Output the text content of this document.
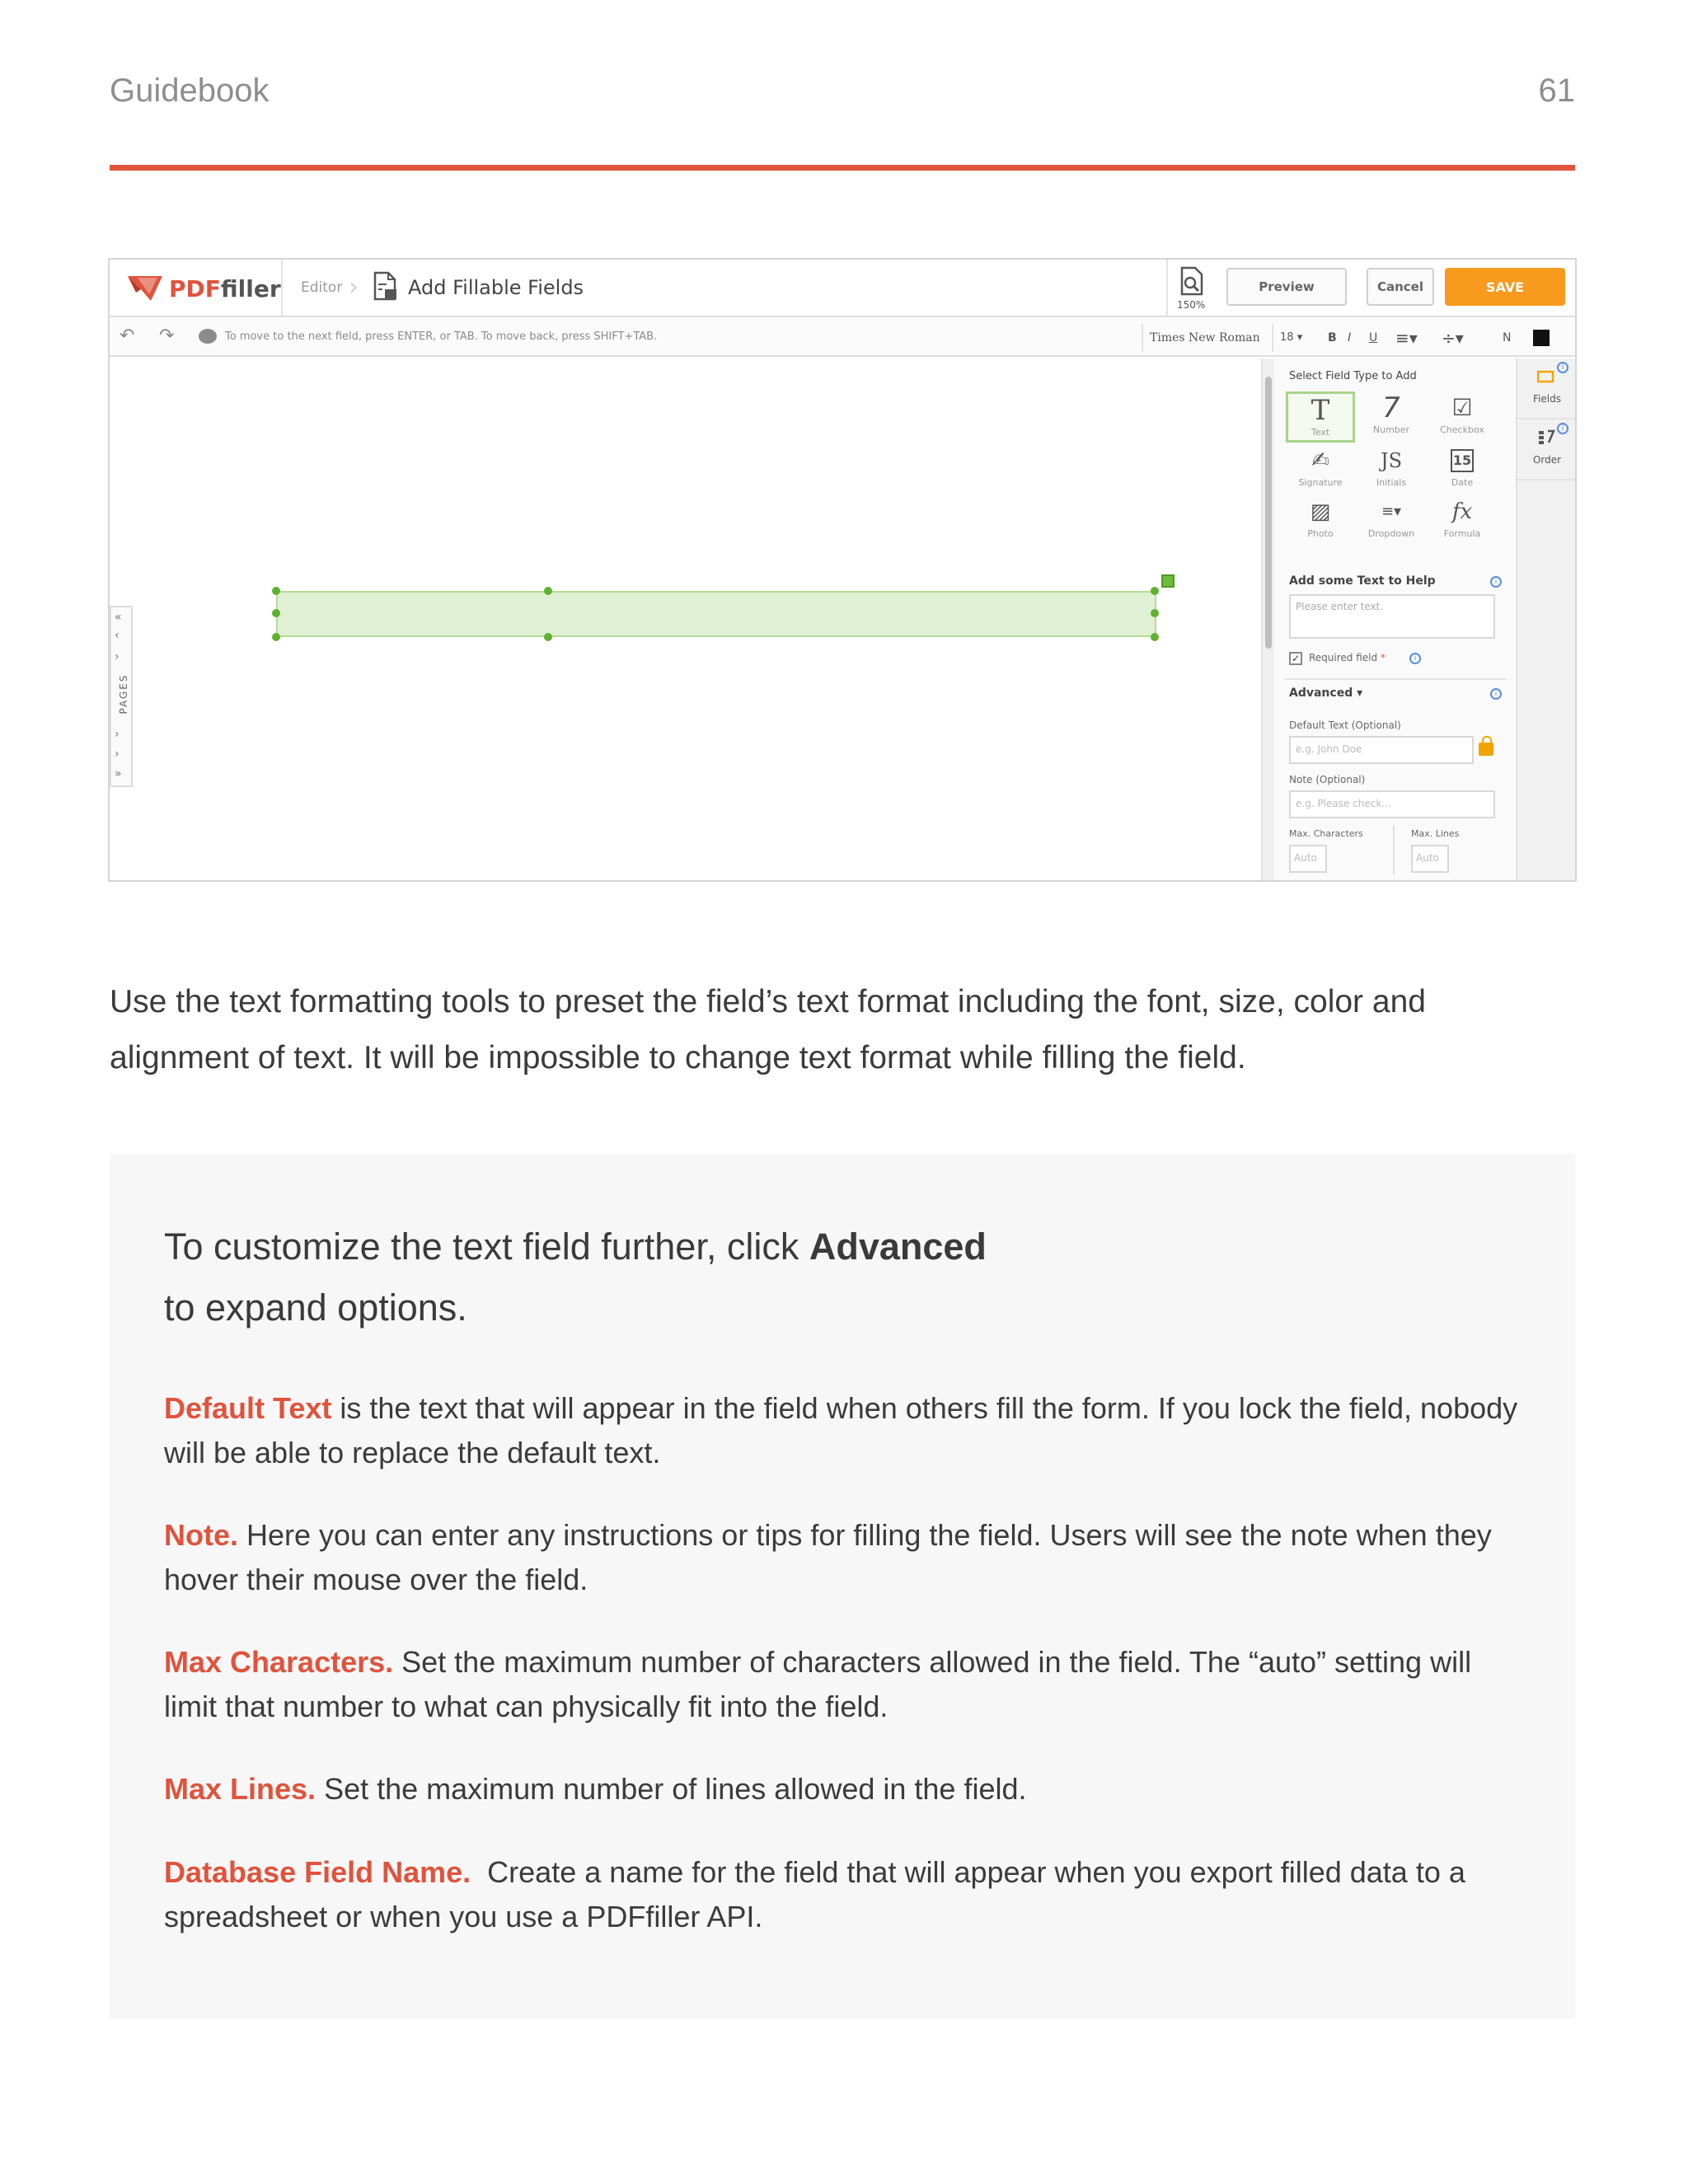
Guidebook	61
PDFfiller Editor ›	Add Fillable Fields
150%
Preview	Cancel	SAVE
↶ ↷	To move to the next field, press ENTER, or TAB. To move back, press SHIFT+TAB.	Times New Roman	18 ▾	B I U ≡▾ ÷▾	N
«
‹
›
PAGES
›
›
»
Select Field Type to Add
T
Text
7
Number
☑
Checkbox
✍
Signature
JS
Initials
15
Date
▨
Photo
≡▾
Dropdown
fx
Formula
Add some Text to Help	i
Please enter text.
✓ Required field *	i
Advanced ▾	i
Default Text (Optional)
e.g. John Doe
Note (Optional)
e.g. Please check...
Max. Characters
Auto
Max. Lines
Auto
i
Fields
i
Order

Use the text formatting tools to preset the field’s text format including the font, size, color and alignment of text. It will be impossible to change text format while filling the field.

To customize the text field further, click Advanced
to expand options.

Default Text is the text that will appear in the field when others fill the form. If you lock the field, nobody will be able to replace the default text.

Note. Here you can enter any instructions or tips for filling the field. Users will see the note when they hover their mouse over the field.

Max Characters. Set the maximum number of characters allowed in the field. The “auto” setting will limit that number to what can physically fit into the field.

Max Lines. Set the maximum number of lines allowed in the field.

Database Field Name.  Create a name for the field that will appear when you export filled data to a spreadsheet or when you use a PDFfiller API.
